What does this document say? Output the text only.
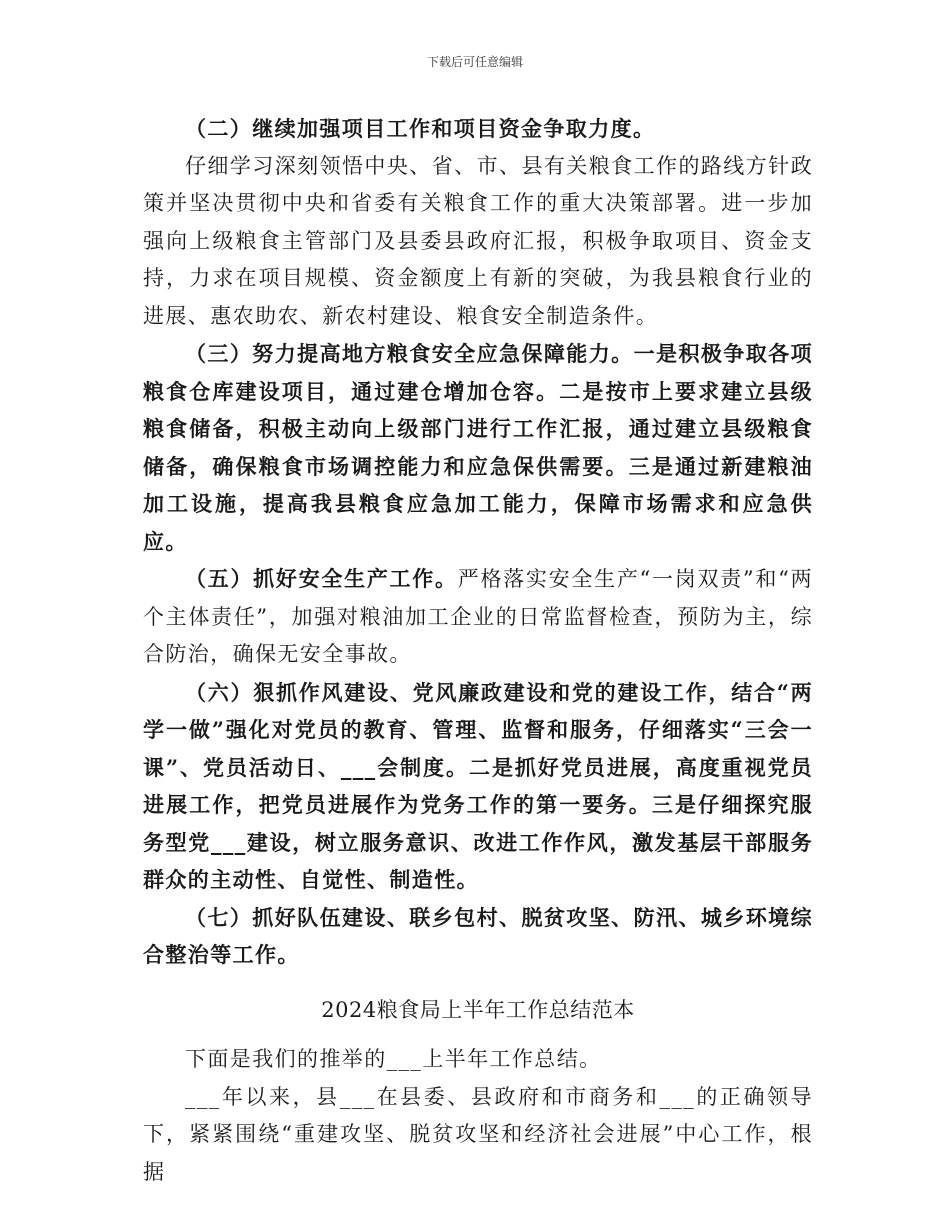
下载后可任意编辑

（二）继续加强项目工作和项目资金争取力度。

仔细学习深刻领悟中央、省、市、县有关粮食工作的路线方针政策并坚决贯彻中央和省委有关粮食工作的重大决策部署。进一步加强向上级粮食主管部门及县委县政府汇报，积极争取项目、资金支持，力求在项目规模、资金额度上有新的突破，为我县粮食行业的进展、惠农助农、新农村建设、粮食安全制造条件。

（三）努力提高地方粮食安全应急保障能力。一是积极争取各项粮食仓库建设项目，通过建仓增加仓容。二是按市上要求建立县级粮食储备，积极主动向上级部门进行工作汇报，通过建立县级粮食储备，确保粮食市场调控能力和应急保供需要。三是通过新建粮油加工设施，提高我县粮食应急加工能力，保障市场需求和应急供应。

（五）抓好安全生产工作。严格落实安全生产“一岗双责”和“两个主体责任”，加强对粮油加工企业的日常监督检查，预防为主，综合防治，确保无安全事故。

（六）狠抓作风建设、党风廉政建设和党的建设工作，结合“两学一做”强化对党员的教育、管理、监督和服务，仔细落实“三会一课”、党员活动日、___会制度。二是抓好党员进展，高度重视党员进展工作，把党员进展作为党务工作的第一要务。三是仔细探究服务型党___建设，树立服务意识、改进工作作风，激发基层干部服务群众的主动性、自觉性、制造性。

（七）抓好队伍建设、联乡包村、脱贫攻坚、防汛、城乡环境综合整治等工作。

2024粮食局上半年工作总结范本

下面是我们的推举的___上半年工作总结。

___年以来，县___在县委、县政府和市商务和___的正确领导下，紧紧围绕“重建攻坚、脱贫攻坚和经济社会进展”中心工作，根据
